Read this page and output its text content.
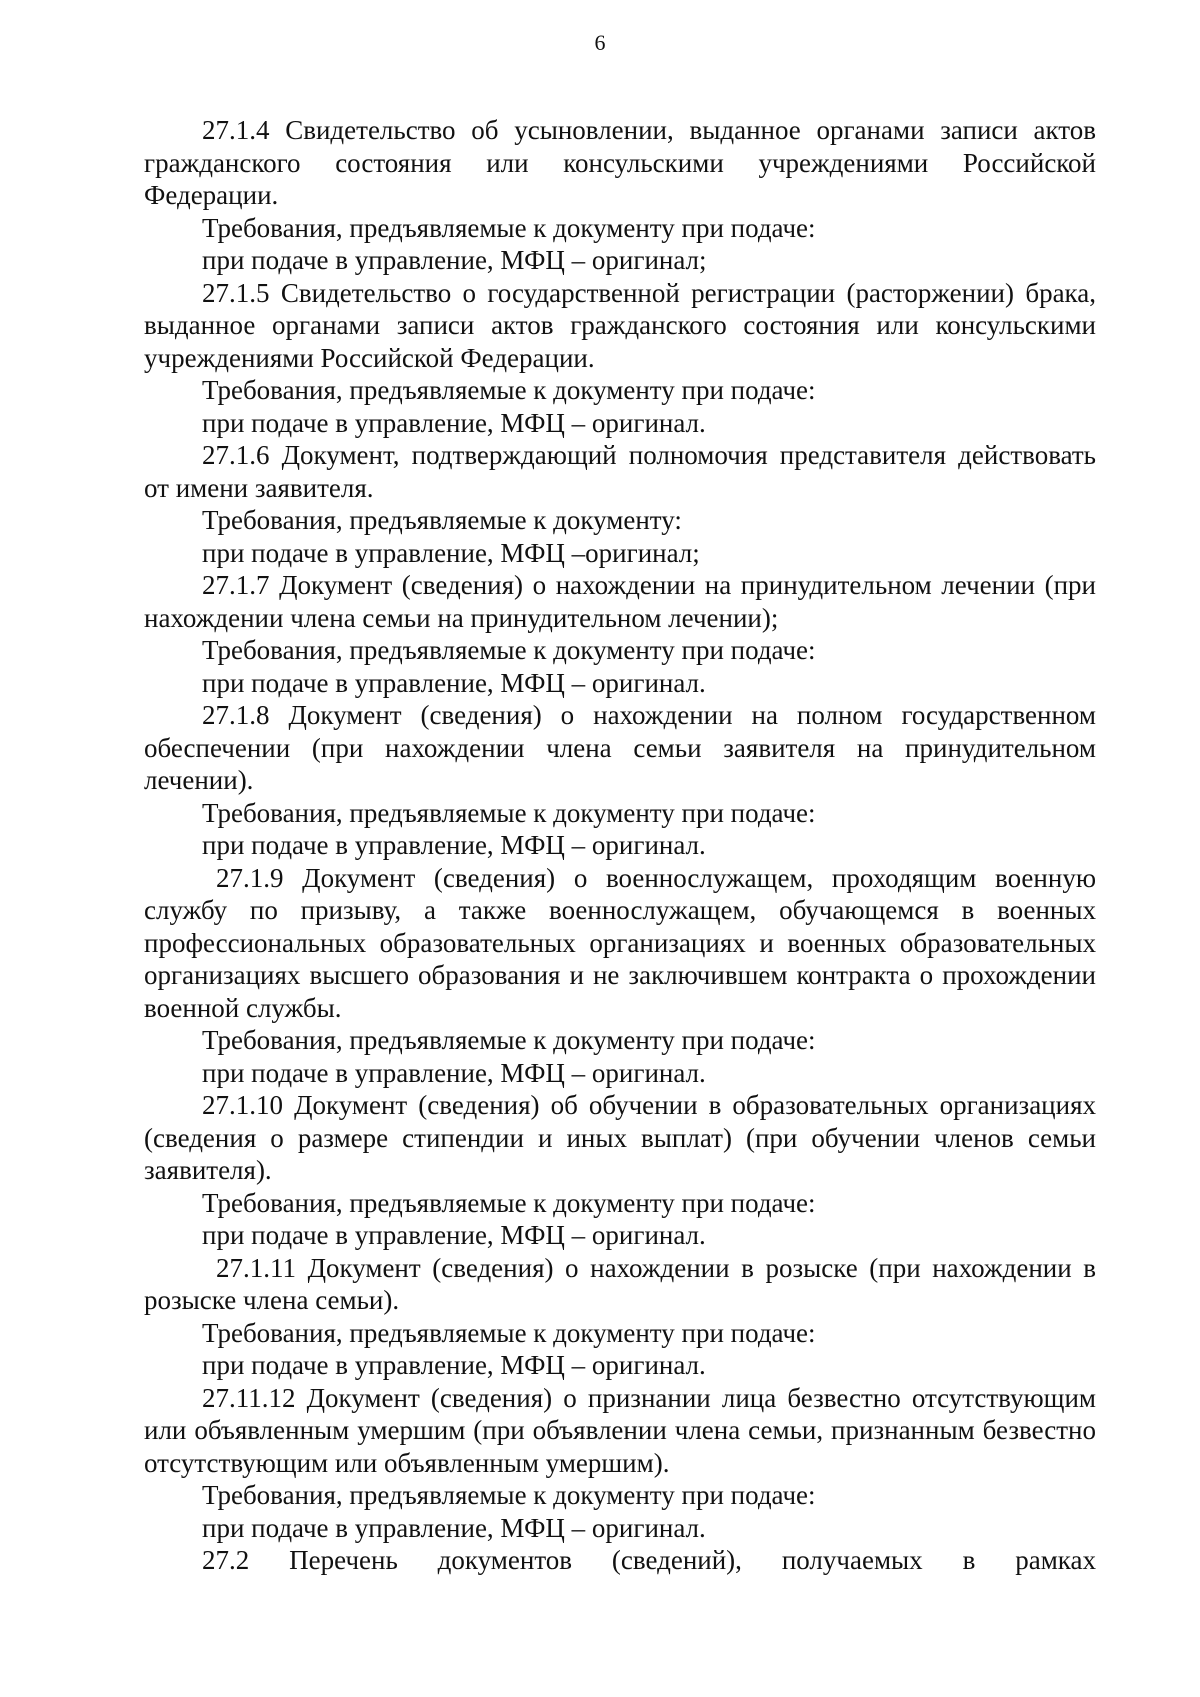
6

27.1.4 Свидетельство об усыновлении, выданное органами записи актов гражданского состояния или консульскими учреждениями Российской Федерации.

Требования, предъявляемые к документу при подаче:

при подаче в управление, МФЦ – оригинал;

27.1.5 Свидетельство о государственной регистрации (расторжении) брака, выданное органами записи актов гражданского состояния или консульскими учреждениями Российской Федерации.

Требования, предъявляемые к документу при подаче:

при подаче в управление, МФЦ – оригинал.

27.1.6 Документ, подтверждающий полномочия представителя действовать от имени заявителя.

Требования, предъявляемые к документу:

при подаче в управление, МФЦ –оригинал;

27.1.7 Документ (сведения) о нахождении на принудительном лечении (при нахождении члена семьи на принудительном лечении);

Требования, предъявляемые к документу при подаче:

при подаче в управление, МФЦ – оригинал.

27.1.8 Документ (сведения) о нахождении на полном государственном обеспечении (при нахождении члена семьи заявителя на принудительном лечении).

Требования, предъявляемые к документу при подаче:

при подаче в управление, МФЦ – оригинал.

27.1.9 Документ (сведения) о военнослужащем, проходящим военную службу по призыву, а также военнослужащем, обучающемся в военных профессиональных образовательных организациях и военных образовательных организациях высшего образования и не заключившем контракта о прохождении военной службы.

Требования, предъявляемые к документу при подаче:

при подаче в управление, МФЦ – оригинал.

27.1.10 Документ (сведения) об обучении в образовательных организациях (сведения о размере стипендии и иных выплат) (при обучении членов семьи заявителя).

Требования, предъявляемые к документу при подаче:

при подаче в управление, МФЦ – оригинал.

27.1.11 Документ (сведения) о нахождении в розыске (при нахождении в розыске члена семьи).

Требования, предъявляемые к документу при подаче:

при подаче в управление, МФЦ – оригинал.

27.11.12 Документ (сведения) о признании лица безвестно отсутствующим или объявленным умершим (при объявлении члена семьи, признанным безвестно отсутствующим или объявленным умершим).

Требования, предъявляемые к документу при подаче:

при подаче в управление, МФЦ – оригинал.

27.2 Перечень документов (сведений), получаемых в рамках
